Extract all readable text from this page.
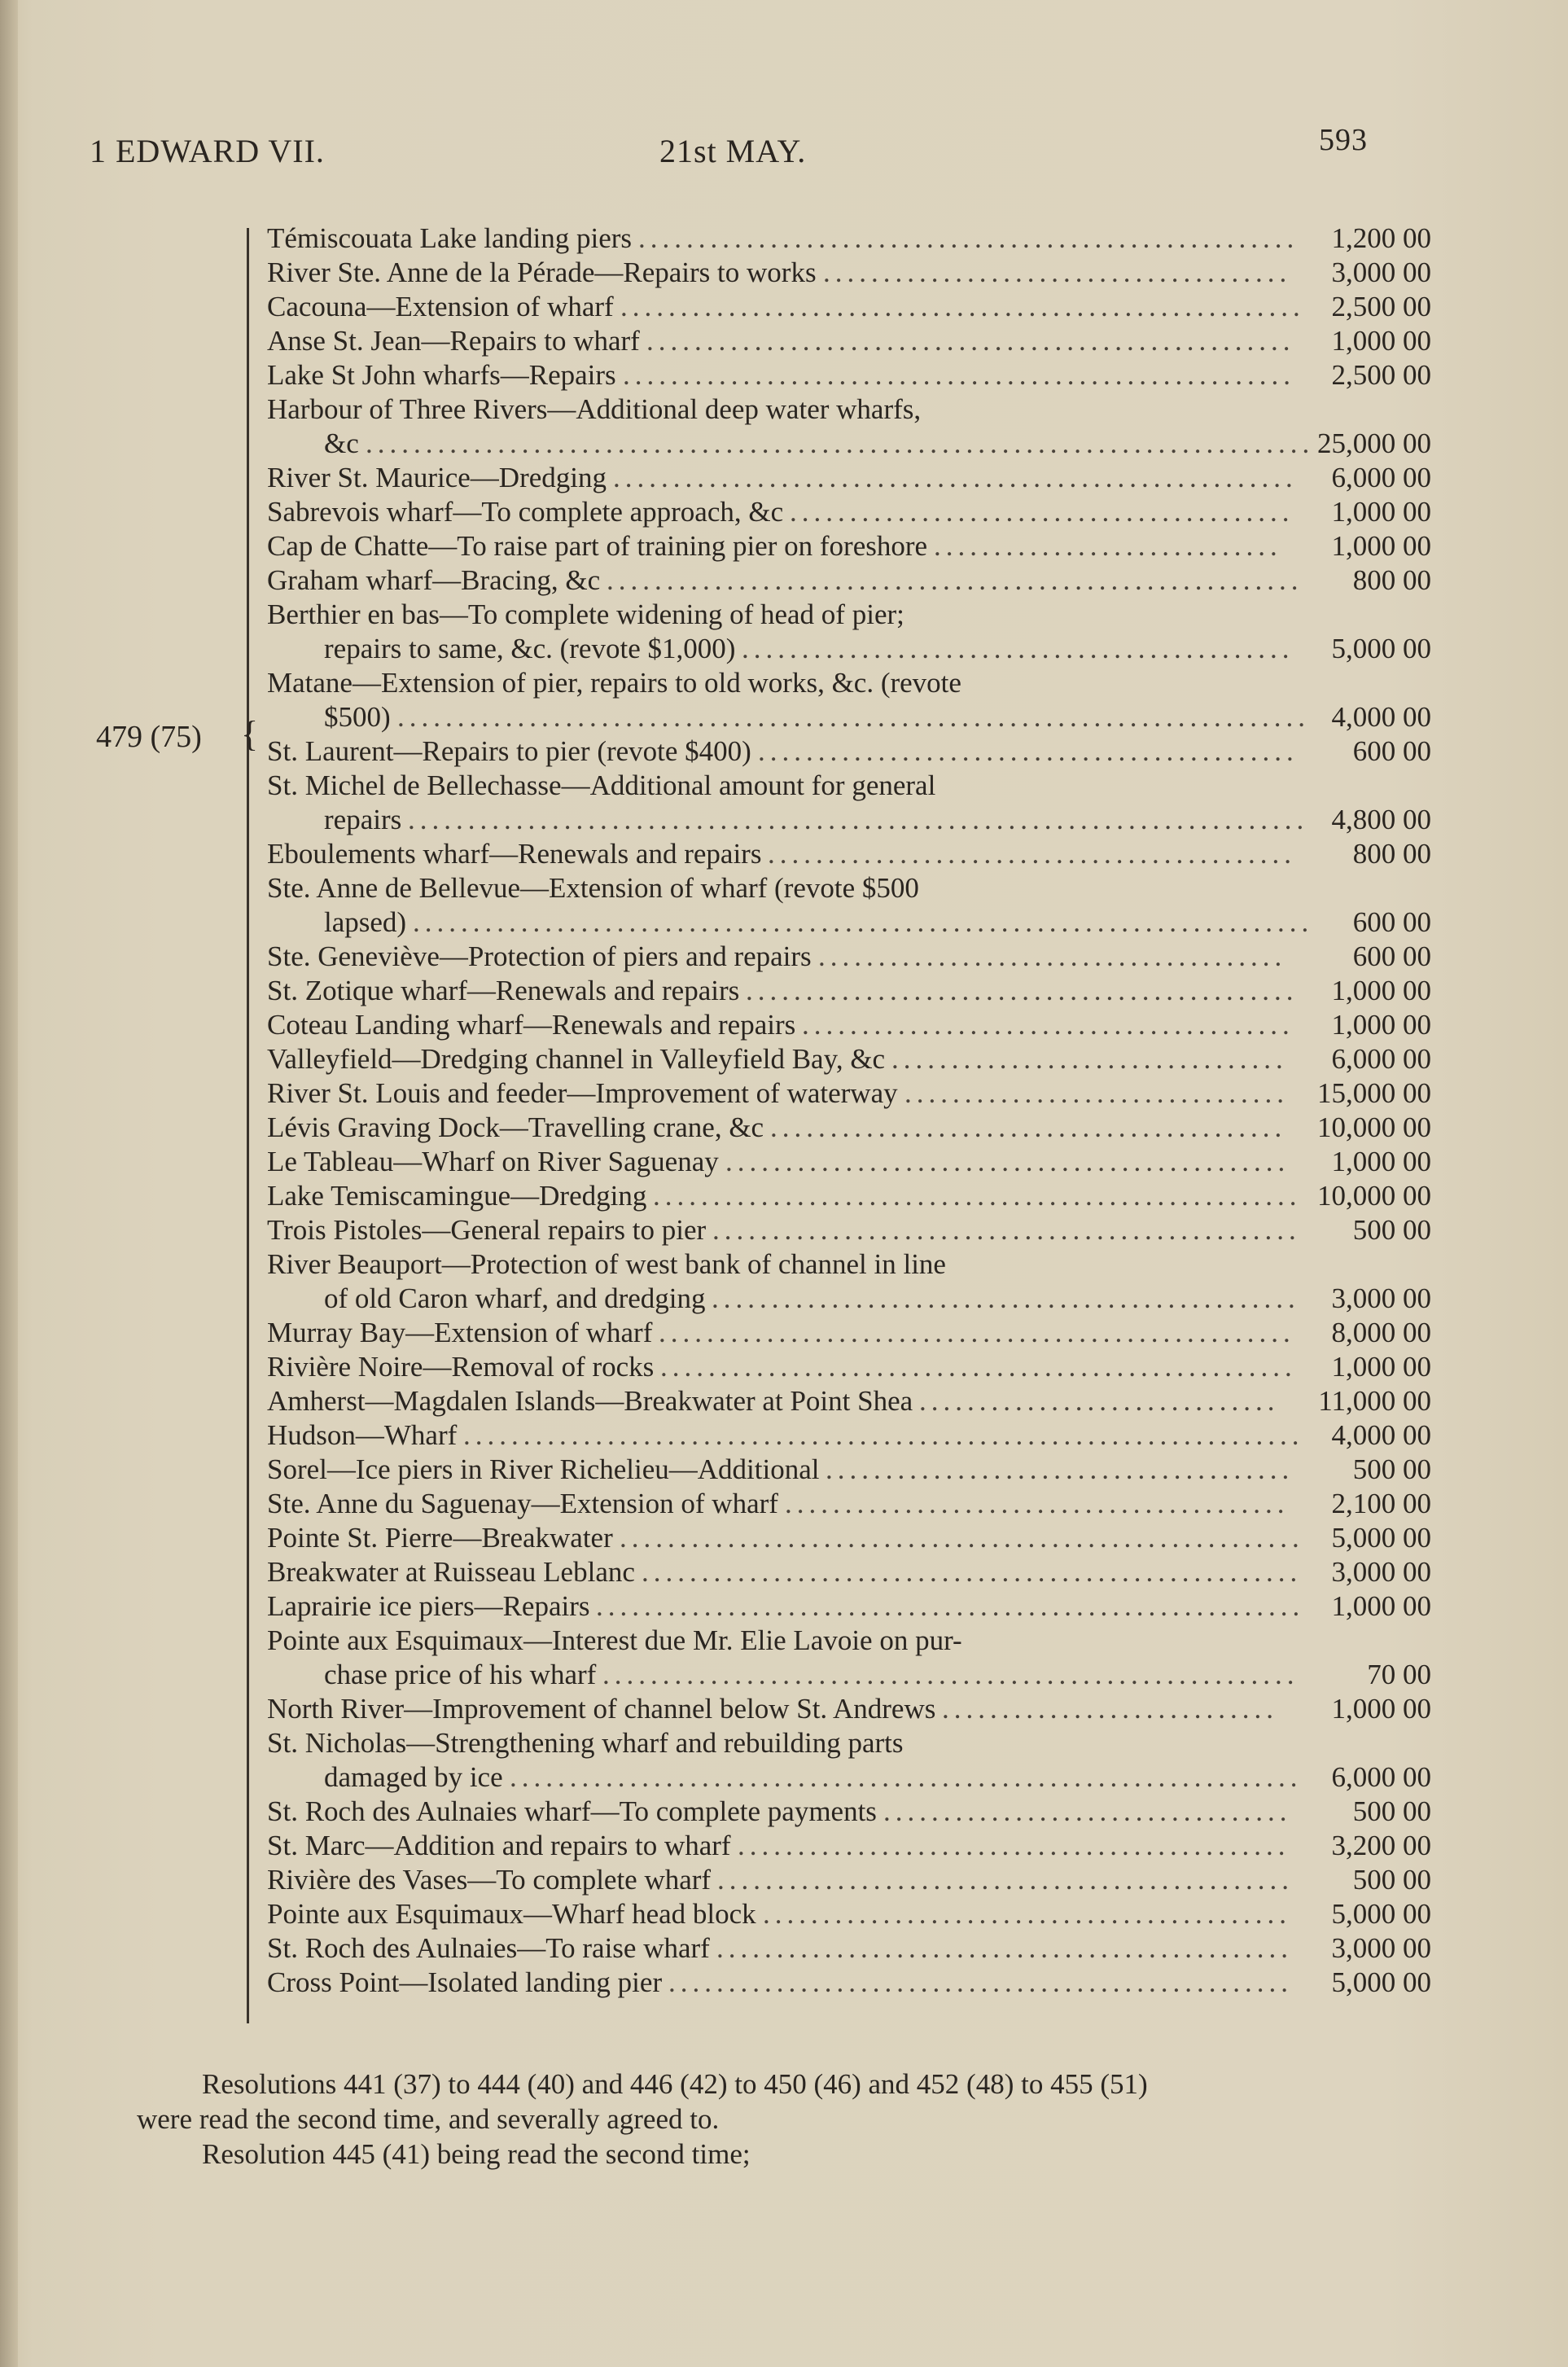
1 EDWARD VII.	21st MAY.	593
479 (75) {
Témiscouata Lake landing piers .......................................................	1,200 00
River Ste. Anne de la Pérade—Repairs to works .......................................	3,000 00
Cacouna—Extension of wharf ......................................................... 2,500 00
Anse St. Jean—Repairs to wharf ......................................................	1,000 00
Lake St John wharfs—Repairs ........................................................	2,500 00
Harbour of Three Rivers—Additional deep water wharfs,
&c ............................................................................... 25,000 00
River St. Maurice—Dredging .........................................................	6,000 00
Sabrevois wharf—To complete approach, &c ..........................................	1,000 00
Cap de Chatte—To raise part of training pier on foreshore .............................	1,000 00
Graham wharf—Bracing, &c ..........................................................	800 00
Berthier en bas—To complete widening of head of pier;
repairs to same, &c. (revote $1,000) ..............................................	5,000 00
Matane—Extension of pier, repairs to old works, &c. (revote
$500) ............................................................................ 4,000 00
St. Laurent—Repairs to pier (revote $400) .............................................	600 00
St. Michel de Bellechasse—Additional amount for general
repairs ........................................................................... 4,800 00
Eboulements wharf—Renewals and repairs ............................................	800 00
Ste. Anne de Bellevue—Extension of wharf (revote $500
lapsed) ...........................................................................	600 00
Ste. Geneviève—Protection of piers and repairs .......................................	600 00
St. Zotique wharf—Renewals and repairs ..............................................	1,000 00
Coteau Landing wharf—Renewals and repairs .........................................	1,000 00
Valleyfield—Dredging channel in Valleyfield Bay, &c .................................	6,000 00
River St. Louis and feeder—Improvement of waterway ................................	15,000 00
Lévis Graving Dock—Travelling crane, &c ...........................................	10,000 00
Le Tableau—Wharf on River Saguenay ...............................................	1,000 00
Lake Temiscamingue—Dredging ...................................................... 10,000 00
Trois Pistoles—General repairs to pier .................................................	500 00
River Beauport—Protection of west bank of channel in line
of old Caron wharf, and dredging .................................................	3,000 00
Murray Bay—Extension of wharf .....................................................	8,000 00
Rivière Noire—Removal of rocks .....................................................	1,000 00
Amherst—Magdalen Islands—Breakwater at Point Shea ..............................	11,000 00
Hudson—Wharf ...................................................................... 4,000 00
Sorel—Ice piers in River Richelieu—Additional .......................................	500 00
Ste. Anne du Saguenay—Extension of wharf ..........................................	2,100 00
Pointe St. Pierre—Breakwater ......................................................... 5,000 00
Breakwater at Ruisseau Leblanc .......................................................	3,000 00
Laprairie ice piers—Repairs ........................................................... 1,000 00
Pointe aux Esquimaux—Interest due Mr. Elie Lavoie on pur-
chase price of his wharf ..........................................................	70 00
North River—Improvement of channel below St. Andrews ............................	1,000 00
St. Nicholas—Strengthening wharf and rebuilding parts
damaged by ice ..................................................................	6,000 00
St. Roch des Aulnaies wharf—To complete payments ..................................	500 00
St. Marc—Addition and repairs to wharf ..............................................	3,200 00
Rivière des Vases—To complete wharf ................................................	500 00
Pointe aux Esquimaux—Wharf head block ............................................	5,000 00
St. Roch des Aulnaies—To raise wharf ................................................	3,000 00
Cross Point—Isolated landing pier ....................................................	5,000 00
Resolutions 441 (37) to 444 (40) and 446 (42) to 450 (46) and 452 (48) to 455 (51)
were read the second time, and severally agreed to.
Resolution 445 (41) being read the second time;
